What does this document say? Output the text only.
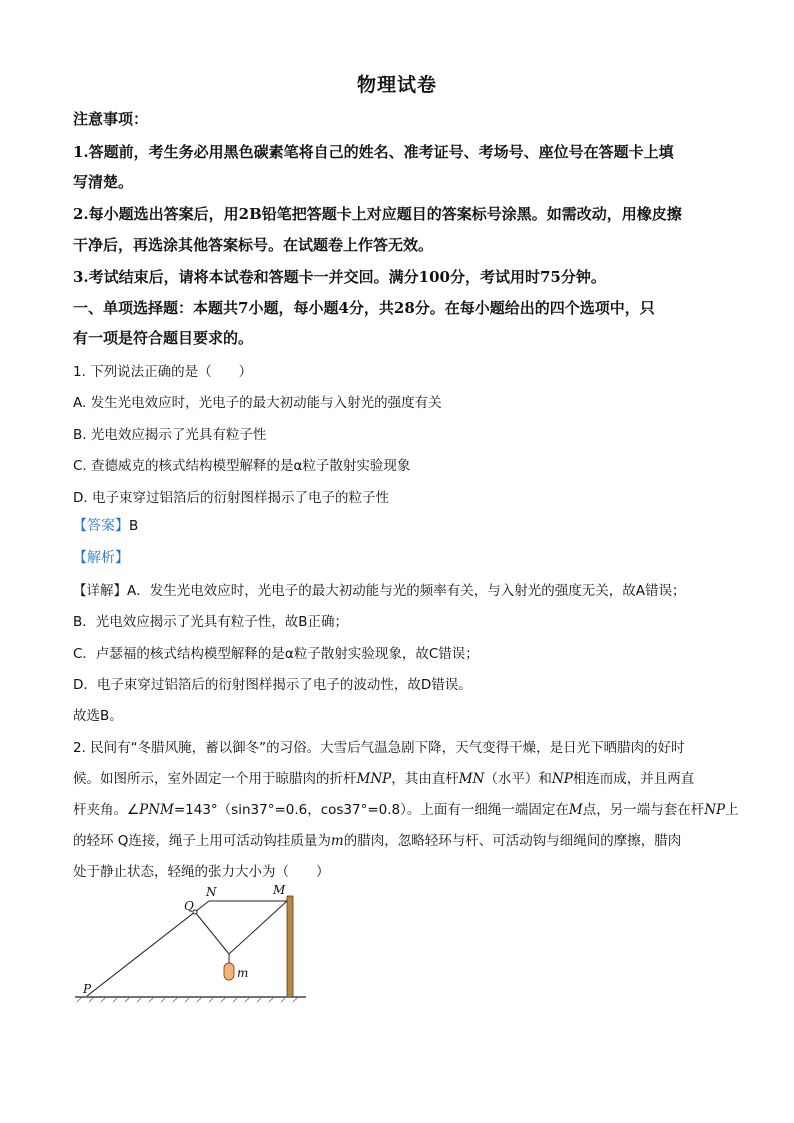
物理试卷
注意事项：
1.答题前，考生务必用黑色碳素笔将自己的姓名、准考证号、考场号、座位号在答题卡上填
写清楚。
2.每小题选出答案后，用2B铅笔把答题卡上对应题目的答案标号涂黑。如需改动，用橡皮擦
干净后，再选涂其他答案标号。在试题卷上作答无效。
3.考试结束后，请将本试卷和答题卡一并交回。满分100分，考试用时75分钟。
一、单项选择题：本题共7小题，每小题4分，共28分。在每小题给出的四个选项中，只
有一项是符合题目要求的。
1. 下列说法正确的是（　　）
A. 发生光电效应时，光电子的最大初动能与入射光的强度有关
B. 光电效应揭示了光具有粒子性
C. 查德威克的核式结构模型解释的是α粒子散射实验现象
D. 电子束穿过铝箔后的衍射图样揭示了电子的粒子性
【答案】B
【解析】
【详解】A．发生光电效应时，光电子的最大初动能与光的频率有关，与入射光的强度无关，故A错误；
B．光电效应揭示了光具有粒子性，故B正确；
C．卢瑟福的核式结构模型解释的是α粒子散射实验现象，故C错误；
D．电子束穿过铝箔后的衍射图样揭示了电子的波动性，故D错误。
故选B。
2. 民间有“冬腊风腌，蓄以御冬”的习俗。大雪后气温急剧下降，天气变得干燥，是日光下晒腊肉的好时
候。如图所示，室外固定一个用于晾腊肉的折杆MNP，其由直杆MN（水平）和NP相连而成，并且两直
杆夹角。∠PNM=143°（sin37°=0.6，cos37°=0.8）。上面有一细绳一端固定在M点，另一端与套在杆NP上
的轻环 Q连接，绳子上用可活动钩挂质量为m的腊肉，忽略轻环与杆、可活动钩与细绳间的摩擦，腊肉
处于静止状态，轻绳的张力大小为（　　）
N	M
Q
P
m
